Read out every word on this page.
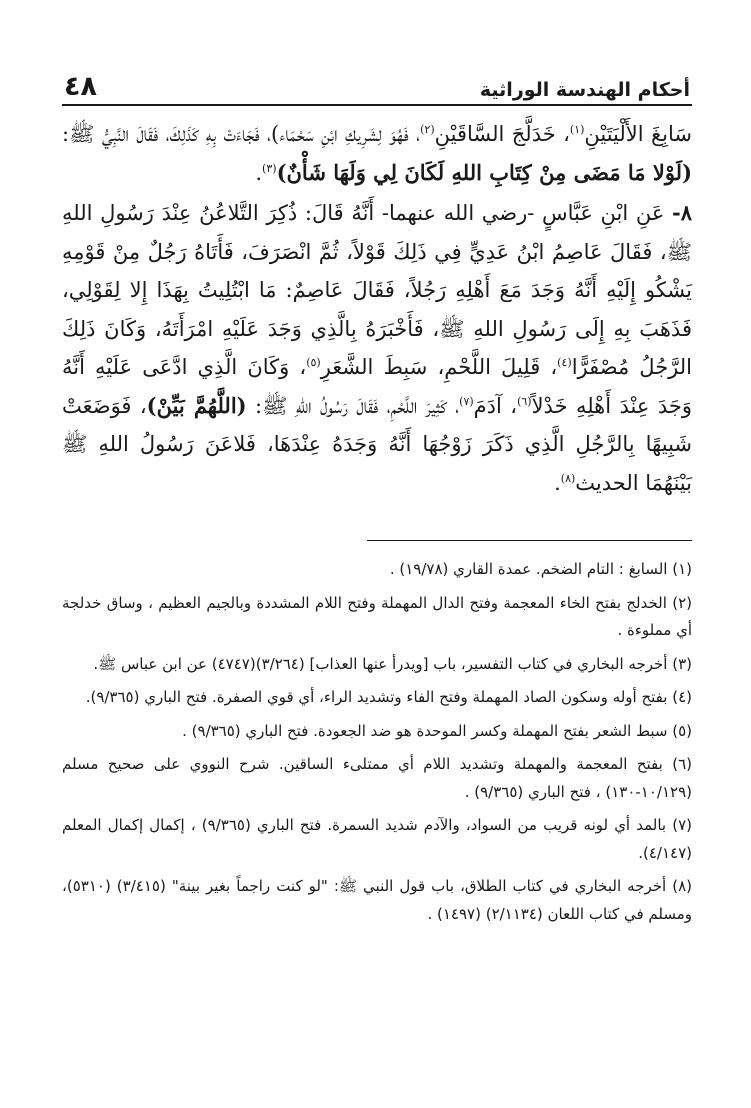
أحكام الهندسة الوراثية
٤٨

سَابِغَ الأَلْيَتَيْنِ$^{(١)}$، خَدَلَّجَ السَّاقَيْنِ$^{(٢)}$، فَهُوَ لِشَرِيكِ ابْنِ سَحْمَاء)، فَجَاءَتْ بِهِ كَذَلِكَ، فَقَالَ النَّبِيُّ ﷺ: (لَوْلا مَا مَضَى مِنْ كِتَابِ اللهِ لَكَانَ لِي وَلَهَا شَأْنٌ)$^{(٣)}$.

٨- عَنِ ابْنِ عَبَّاسٍ -رضي الله عنهما- أَنَّهُ قَالَ: ذُكِرَ التَّلاعُنُ عِنْدَ رَسُولِ اللهِ ﷺ، فَقَالَ عَاصِمُ ابْنُ عَدِيٍّ فِي ذَلِكَ قَوْلاً، ثُمَّ انْصَرَفَ، فَأَتَاهُ رَجُلٌ مِنْ قَوْمِهِ يَشْكُو إِلَيْهِ أَنَّهُ وَجَدَ مَعَ أَهْلِهِ رَجُلاً، فَقَالَ عَاصِمٌ: مَا ابْتُلِيتُ بِهَذَا إِلا لِقَوْلِي، فَذَهَبَ بِهِ إِلَى رَسُولِ اللهِ ﷺ، فَأَخْبَرَهُ بِالَّذِي وَجَدَ عَلَيْهِ امْرَأَتَهُ، وَكَانَ ذَلِكَ الرَّجُلُ مُصْفَرًّا$^{(٤)}$، قَلِيلَ اللَّحْمِ، سَبِطَ الشَّعَرِ$^{(٥)}$، وَكَانَ الَّذِي ادَّعَى عَلَيْهِ أَنَّهُ وَجَدَ عِنْدَ أَهْلِهِ خَدْلاً$^{(٦)}$، آدَمَ$^{(٧)}$، كَثِيرَ اللَّحْمِ، فَقَالَ رَسُولُ اللهِ ﷺ: (اللَّهُمَّ بَيِّنْ)، فَوَضَعَتْ شَبِيهًا بِالرَّجُلِ الَّذِي ذَكَرَ زَوْجُهَا أَنَّهُ وَجَدَهُ عِنْدَهَا، فَلاعَنَ رَسُولُ اللهِ ﷺ بَيْنَهُمَا الحديث$^{(٨)}$.

(١) السابغ : التام الضخم. عمدة القاري (١٩/٧٨) .

(٢) الخدلج بفتح الخاء المعجمة وفتح الدال المهملة وفتح اللام المشددة وبالجيم العظيم ، وساق خدلجة أي مملوءة .

(٣) أخرجه البخاري في كتاب التفسير، باب [ويدرأ عنها العذاب] (٣/٢٦٤)(٤٧٤٧) عن ابن عباس ﷺ.

(٤) بفتح أوله وسكون الصاد المهملة وفتح الفاء وتشديد الراء، أي قوي الصفرة. فتح الباري (٩/٣٦٥).

(٥) سبط الشعر بفتح المهملة وكسر الموحدة هو ضد الجعودة. فتح الباري (٩/٣٦٥) .

(٦) بفتح المعجمة والمهملة وتشديد اللام أي ممتلىء الساقين. شرح النووي على صحيح مسلم (١٠/١٢٩-١٣٠) ، فتح الباري (٩/٣٦٥) .

(٧) بالمد أي لونه قريب من السواد، والآدم شديد السمرة. فتح الباري (٩/٣٦٥) ، إكمال إكمال المعلم (٤/١٤٧).

(٨) أخرجه البخاري في كتاب الطلاق، باب قول النبي ﷺ: "لو كنت راجماً بغير بينة" (٣/٤١٥) (٥٣١٠)، ومسلم في كتاب اللعان (٢/١١٣٤) (١٤٩٧) .
